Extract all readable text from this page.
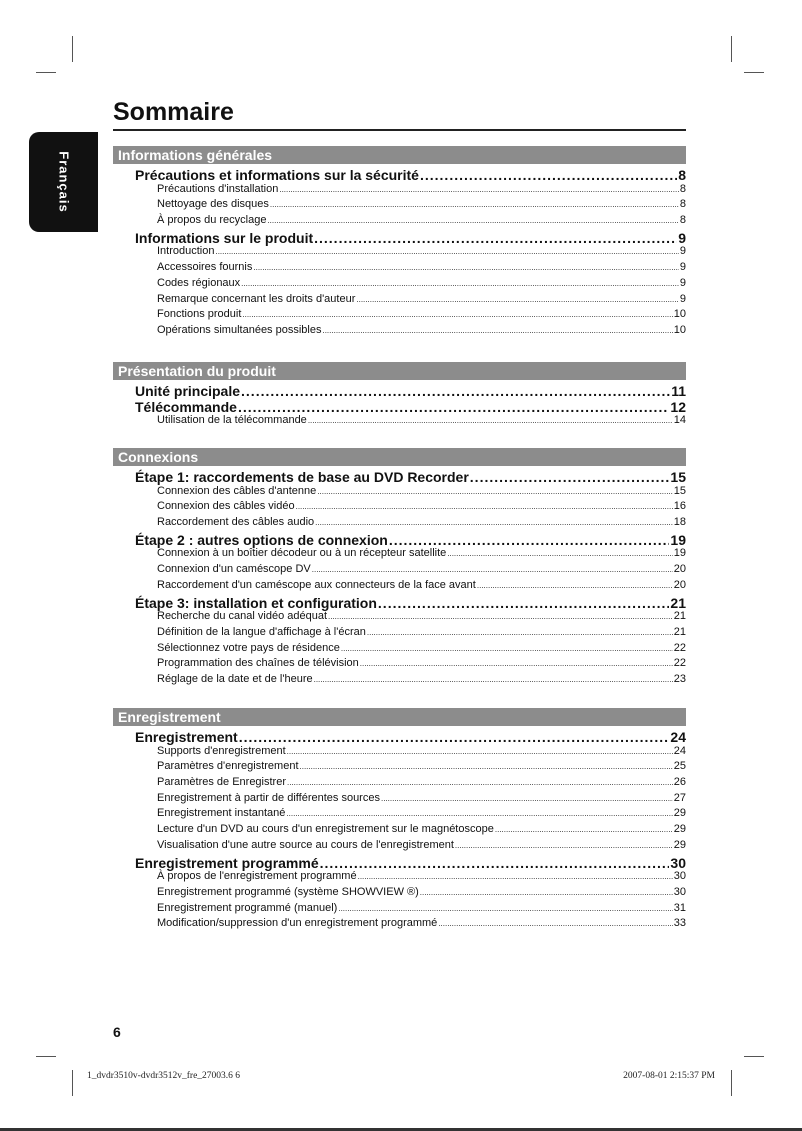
Sommaire
Français	Informations générales
Précautions et informations sur la sécurité .....	8
Précautions d'installation .....	8
Nettoyage des disques .....	8
À propos du recyclage .....	8
Informations sur le produit .....	9
Introduction .....	9
Accessoires fournis .....	9
Codes régionaux .....	9
Remarque concernant les droits d'auteur .....	9
Fonctions produit .....	10
Opérations simultanées possibles .....	10
Présentation du produit
Unité principale .....	11
Télécommande .....	12
Utilisation de la télécommande .....	14
Connexions
Étape 1: raccordements de base au DVD Recorder .....	15
Connexion des câbles d'antenne .....	15
Connexion des câbles vidéo .....	16
Raccordement des câbles audio .....	18
Étape 2 : autres options de connexion .....	19
Connexion à un boîtier décodeur ou à un récepteur satellite .....	19
Connexion d'un caméscope DV .....	20
Raccordement d'un caméscope aux connecteurs de la face avant .....	20
Étape 3: installation et configuration .....	21
Recherche du canal vidéo adéquat .....	21
Définition de la langue d'affichage à l'écran .....	21
Sélectionnez votre pays de résidence .....	22
Programmation des chaînes de télévision .....	22
Réglage de la date et de l'heure .....	23
Enregistrement
Enregistrement .....	24
Supports d'enregistrement .....	24
Paramètres d'enregistrement .....	25
Paramètres de Enregistrer .....	26
Enregistrement à partir de différentes sources .....	27
Enregistrement instantané .....	29
Lecture d'un DVD au cours d'un enregistrement sur le magnétoscope .....	29
Visualisation d'une autre source au cours de l'enregistrement .....	29
Enregistrement programmé .....	30
À propos de l'enregistrement programmé .....	30
Enregistrement programmé (système SHOWVIEW ®) .....	30
Enregistrement programmé (manuel) .....	31
Modification/suppression d'un enregistrement programmé .....	33
6
1_dvdr3510v-dvdr3512v_fre_27003.6 6	2007-08-01 2:15:37 PM
